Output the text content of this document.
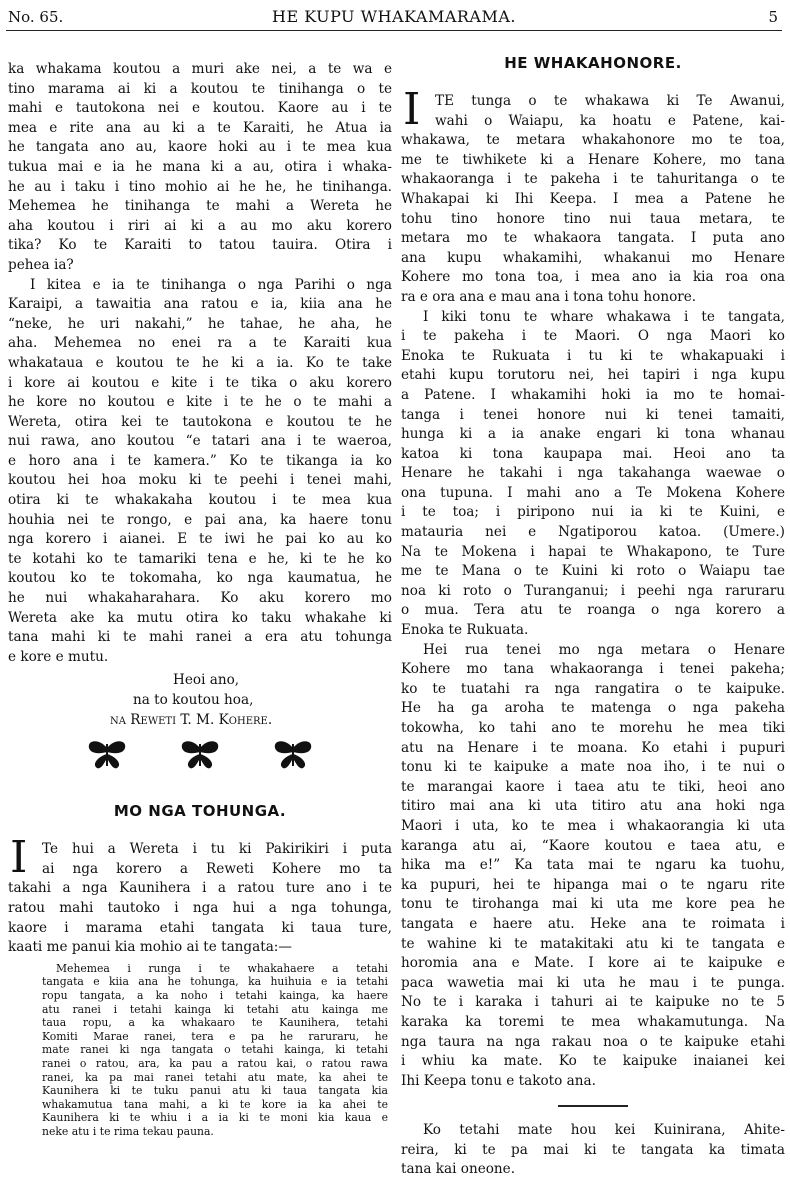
No. 65.	HE KUPU WHAKAMARAMA.	5
ka whakama koutou a muri ake nei, a te wa e
tino marama ai ki a koutou te tinihanga o te
mahi e tautokona nei e koutou. Kaore au i te
mea e rite ana au ki a te Karaiti, he Atua ia
he tangata ano au, kaore hoki au i te mea kua
tukua mai e ia he mana ki a au, otira i whaka-
he au i taku i tino mohio ai he he, he tinihanga.
Mehemea he tinihanga te mahi a Wereta he
aha koutou i riri ai ki a au mo aku korero
tika? Ko te Karaiti to tatou tauira. Otira i
pehea ia?
I kitea e ia te tinihanga o nga Parihi o nga
Karaipi, a tawaitia ana ratou e ia, kiia ana he
“neke, he uri nakahi,” he tahae, he aha, he
aha. Mehemea no enei ra a te Karaiti kua
whakataua e koutou te he ki a ia. Ko te take
i kore ai koutou e kite i te tika o aku korero
he kore no koutou e kite i te he o te mahi a
Wereta, otira kei te tautokona e koutou te he
nui rawa, ano koutou “e tatari ana i te waeroa,
e horo ana i te kamera.” Ko te tikanga ia ko
koutou hei hoa moku ki te peehi i tenei mahi,
otira ki te whakakaha koutou i te mea kua
houhia nei te rongo, e pai ana, ka haere tonu
nga korero i aianei. E te iwi he pai ko au ko
te kotahi ko te tamariki tena e he, ki te he ko
koutou ko te tokomaha, ko nga kaumatua, he
he nui whakaharahara. Ko aku korero mo
Wereta ake ka mutu otira ko taku whakahe ki
tana mahi ki te mahi ranei a era atu tohunga
e kore e mutu.
Heoi ano,
na to koutou hoa,
na Reweti T. M. Kohere.

MO NGA TOHUNGA.
I	Te hui a Wereta i tu ki Pakirikiri i puta
ai nga korero a Reweti Kohere mo ta
takahi a nga Kaunihera i a ratou ture ano i te
ratou mahi tautoko i nga hui a nga tohunga,
kaore i marama etahi tangata ki taua ture,
kaati me panui kia mohio ai te tangata:—
Mehemea i runga i te whakahaere a tetahi
tangata e kiia ana he tohunga, ka huihuia e ia tetahi
ropu tangata, a ka noho i tetahi kainga, ka haere
atu ranei i tetahi kainga ki tetahi atu kainga me
taua ropu, a ka whakaaro te Kaunihera, tetahi
Komiti Marae ranei, tera e pa he raruraru, he
mate ranei ki nga tangata o tetahi kainga, ki tetahi
ranei o ratou, ara, ka pau a ratou kai, o ratou rawa
ranei, ka pa mai ranei tetahi atu mate, ka ahei te
Kaunihera ki te tuku panui atu ki taua tangata kia
whakamutua tana mahi, a ki te kore ia ka ahei te
Kaunihera ki te whiu i a ia ki te moni kia kaua e
neke atu i te rima tekau pauna.
HE WHAKAHONORE.
I	TE tunga o te whakawa ki Te Awanui,
wahi o Waiapu, ka hoatu e Patene, kai-
whakawa, te metara whakahonore mo te toa,
me te tiwhikete ki a Henare Kohere, mo tana
whakaoranga i te pakeha i te tahuritanga o te
Whakapai ki Ihi Keepa. I mea a Patene he
tohu tino honore tino nui taua metara, te
metara mo te whakaora tangata. I puta ano
ana kupu whakamihi, whakanui mo Henare
Kohere mo tona toa, i mea ano ia kia roa ona
ra e ora ana e mau ana i tona tohu honore.
I kiki tonu te whare whakawa i te tangata,
i te pakeha i te Maori. O nga Maori ko
Enoka te Rukuata i tu ki te whakapuaki i
etahi kupu torutoru nei, hei tapiri i nga kupu
a Patene. I whakamihi hoki ia mo te homai-
tanga i tenei honore nui ki tenei tamaiti,
hunga ki a ia anake engari ki tona whanau
katoa ki tona kaupapa mai. Heoi ano ta
Henare he takahi i nga takahanga waewae o
ona tupuna. I mahi ano a Te Mokena Kohere
i te toa; i piripono nui ia ki te Kuini, e
matauria nei e Ngatiporou katoa. (Umere.)
Na te Mokena i hapai te Whakapono, te Ture
me te Mana o te Kuini ki roto o Waiapu tae
noa ki roto o Turanganui; i peehi nga raruraru
o mua. Tera atu te roanga o nga korero a
Enoka te Rukuata.
Hei rua tenei mo nga metara o Henare
Kohere mo tana whakaoranga i tenei pakeha;
ko te tuatahi ra nga rangatira o te kaipuke.
He ha ga aroha te matenga o nga pakeha
tokowha, ko tahi ano te morehu he mea tiki
atu na Henare i te moana. Ko etahi i pupuri
tonu ki te kaipuke a mate noa iho, i te nui o
te marangai kaore i taea atu te tiki, heoi ano
titiro mai ana ki uta titiro atu ana hoki nga
Maori i uta, ko te mea i whakaorangia ki uta
karanga atu ai, “Kaore koutou e taea atu, e
hika ma e!” Ka tata mai te ngaru ka tuohu,
ka pupuri, hei te hipanga mai o te ngaru rite
tonu te tirohanga mai ki uta me kore pea he
tangata e haere atu. Heke ana te roimata i
te wahine ki te matakitaki atu ki te tangata e
horomia ana e Mate. I kore ai te kaipuke e
paca wawetia mai ki uta he mau i te punga.
No te i karaka i tahuri ai te kaipuke no te 5
karaka ka toremi te mea whakamutunga. Na
nga taura na nga rakau noa o te kaipuke etahi
i whiu ka mate. Ko te kaipuke inaianei kei
Ihi Keepa tonu e takoto ana.
Ko tetahi mate hou kei Kuinirana, Ahite-
reira, ki te pa mai ki te tangata ka timata
tana kai oneone.
